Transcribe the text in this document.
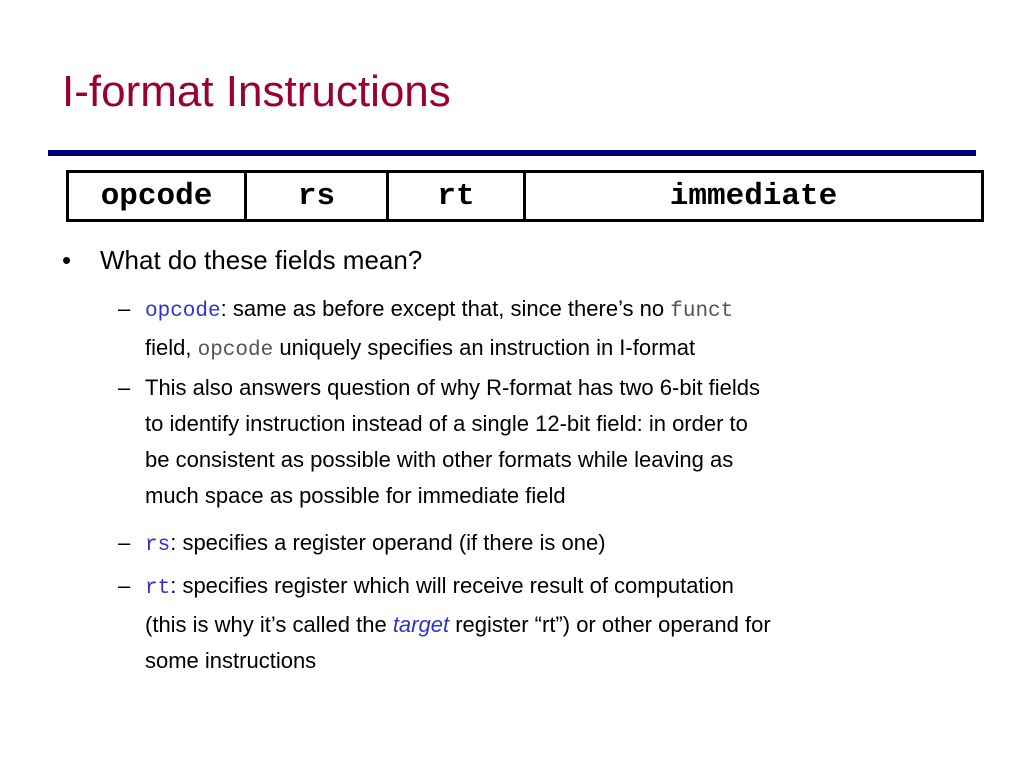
I-format Instructions
opcode	rs	rt	immediate
• What do these fields mean?
– opcode: same as before except that, since there’s no funct
field, opcode uniquely specifies an instruction in I-format
– This also answers question of why R-format has two 6-bit fields
to identify instruction instead of a single 12-bit field: in order to
be consistent as possible with other formats while leaving as
much space as possible for immediate field
– rs: specifies a register operand (if there is one)
– rt: specifies register which will receive result of computation
(this is why it’s called the target register “rt”) or other operand for
some instructions
